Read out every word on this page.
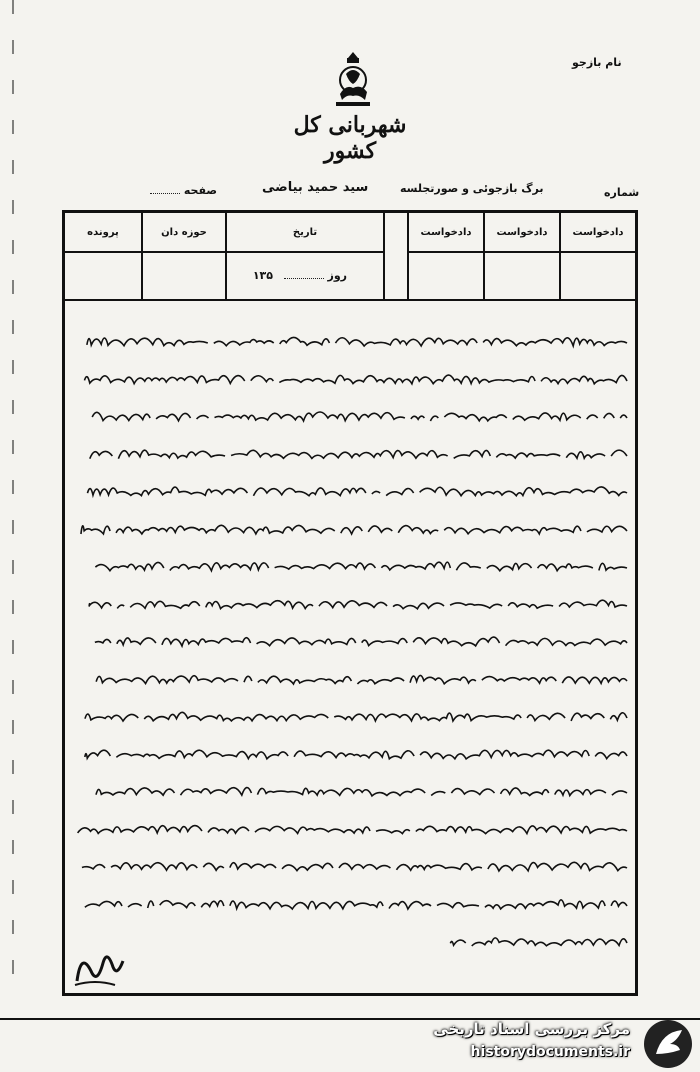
نام بازجو
شهربانی کل کشور
شماره
برگ بازجوئی و صورتجلسه
سید حمید بیاضی
صفحه
دادخواست
دادخواست
دادخواست
تاریخ
روز
۱۳۵
حوزه دان
پرونده
مرکز بررسی اسناد تاریخی
historydocuments.ir
